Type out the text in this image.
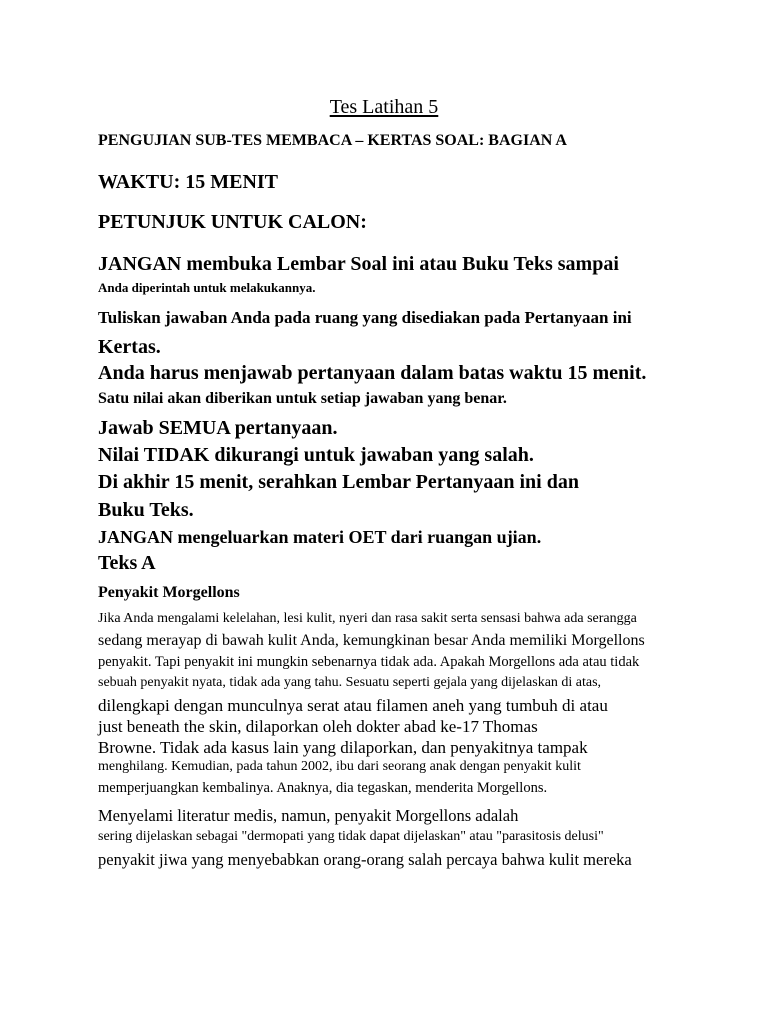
Tes Latihan 5
PENGUJIAN SUB-TES MEMBACA – KERTAS SOAL: BAGIAN A
WAKTU: 15 MENIT
PETUNJUK UNTUK CALON:
JANGAN membuka Lembar Soal ini atau Buku Teks sampai
Anda diperintah untuk melakukannya.
Tuliskan jawaban Anda pada ruang yang disediakan pada Pertanyaan ini
Kertas.
Anda harus menjawab pertanyaan dalam batas waktu 15 menit.
Satu nilai akan diberikan untuk setiap jawaban yang benar.
Jawab SEMUA pertanyaan.
Nilai TIDAK dikurangi untuk jawaban yang salah.
Di akhir 15 menit, serahkan Lembar Pertanyaan ini dan
Buku Teks.
JANGAN mengeluarkan materi OET dari ruangan ujian.
Teks A
Penyakit Morgellons
Jika Anda mengalami kelelahan, lesi kulit, nyeri dan rasa sakit serta sensasi bahwa ada serangga
sedang merayap di bawah kulit Anda, kemungkinan besar Anda memiliki Morgellons
penyakit. Tapi penyakit ini mungkin sebenarnya tidak ada. Apakah Morgellons ada atau tidak
sebuah penyakit nyata, tidak ada yang tahu. Sesuatu seperti gejala yang dijelaskan di atas,
dilengkapi dengan munculnya serat atau filamen aneh yang tumbuh di atau
just beneath the skin, dilaporkan oleh dokter abad ke-17 Thomas
Browne. Tidak ada kasus lain yang dilaporkan, dan penyakitnya tampak
menghilang. Kemudian, pada tahun 2002, ibu dari seorang anak dengan penyakit kulit
memperjuangkan kembalinya. Anaknya, dia tegaskan, menderita Morgellons.
Menyelami literatur medis, namun, penyakit Morgellons adalah
sering dijelaskan sebagai "dermopati yang tidak dapat dijelaskan" atau "parasitosis delusi"
penyakit jiwa yang menyebabkan orang-orang salah percaya bahwa kulit mereka
